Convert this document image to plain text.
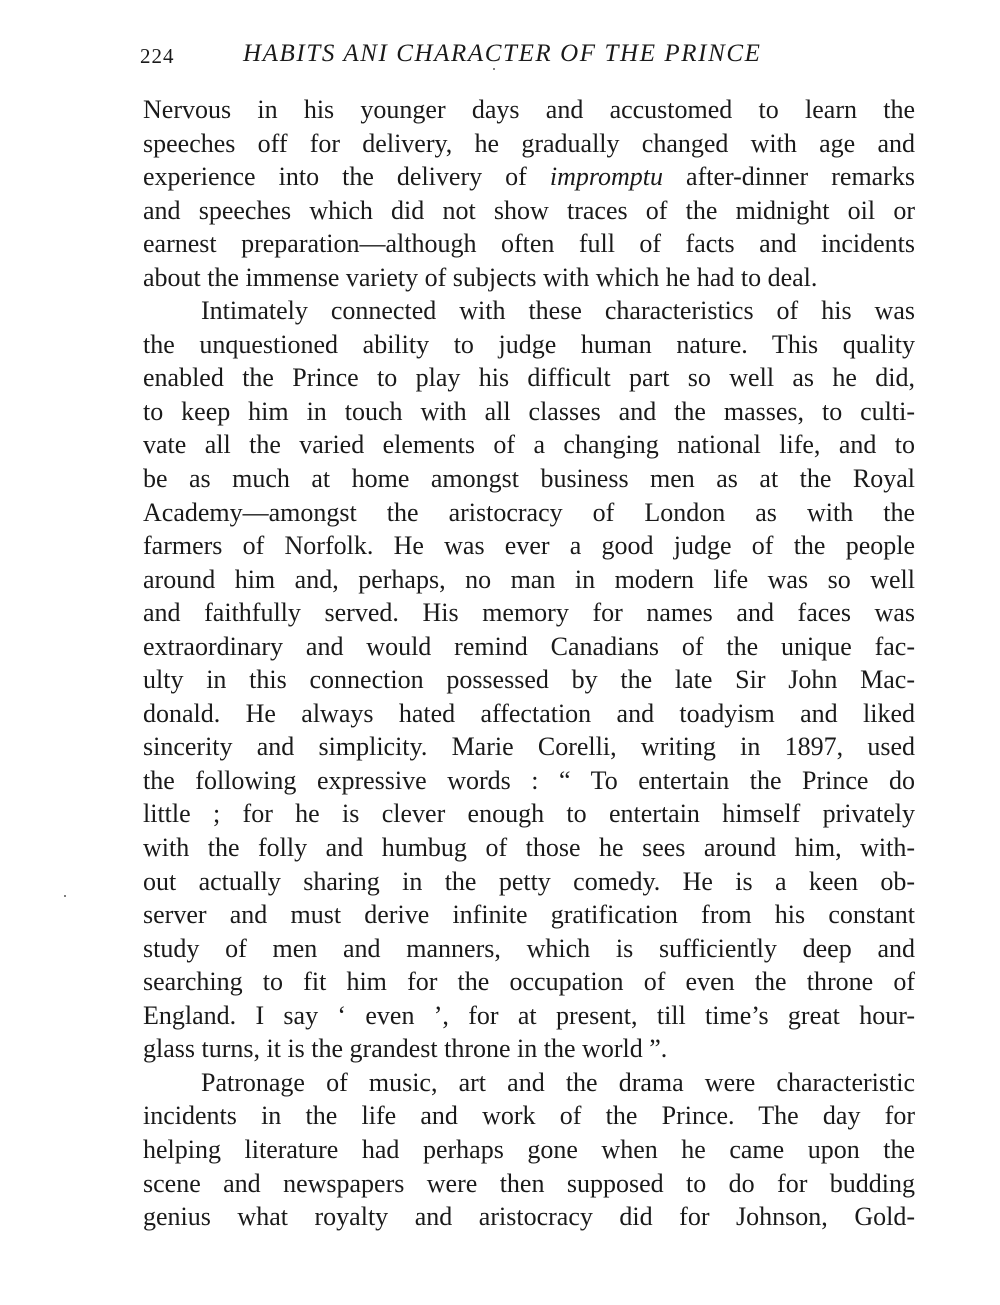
224	HABITS ANI CHARACTER OF THE PRINCE
Nervous in his younger days and accustomed to learn the
speeches off for delivery, he gradually changed with age and
experience into the delivery of impromptu after-dinner remarks
and speeches which did not show traces of the midnight oil or
earnest preparation—although often full of facts and incidents
about the immense variety of subjects with which he had to deal.
Intimately connected with these characteristics of his was
the unquestioned ability to judge human nature. This quality
enabled the Prince to play his difficult part so well as he did,
to keep him in touch with all classes and the masses, to culti-
vate all the varied elements of a changing national life, and to
be as much at home amongst business men as at the Royal
Academy—amongst the aristocracy of London as with the
farmers of Norfolk. He was ever a good judge of the people
around him and, perhaps, no man in modern life was so well
and faithfully served. His memory for names and faces was
extraordinary and would remind Canadians of the unique fac-
ulty in this connection possessed by the late Sir John Mac-
donald. He always hated affectation and toadyism and liked
sincerity and simplicity. Marie Corelli, writing in 1897, used
the following expressive words : “ To entertain the Prince do
little ; for he is clever enough to entertain himself privately
with the folly and humbug of those he sees around him, with-
out actually sharing in the petty comedy. He is a keen ob-
server and must derive infinite gratification from his constant
study of men and manners, which is sufficiently deep and
searching to fit him for the occupation of even the throne of
England. I say ‘ even ’, for at present, till time’s great hour-
glass turns, it is the grandest throne in the world ”.
Patronage of music, art and the drama were characteristic
incidents in the life and work of the Prince. The day for
helping literature had perhaps gone when he came upon the
scene and newspapers were then supposed to do for budding
genius what royalty and aristocracy did for Johnson, Gold-
